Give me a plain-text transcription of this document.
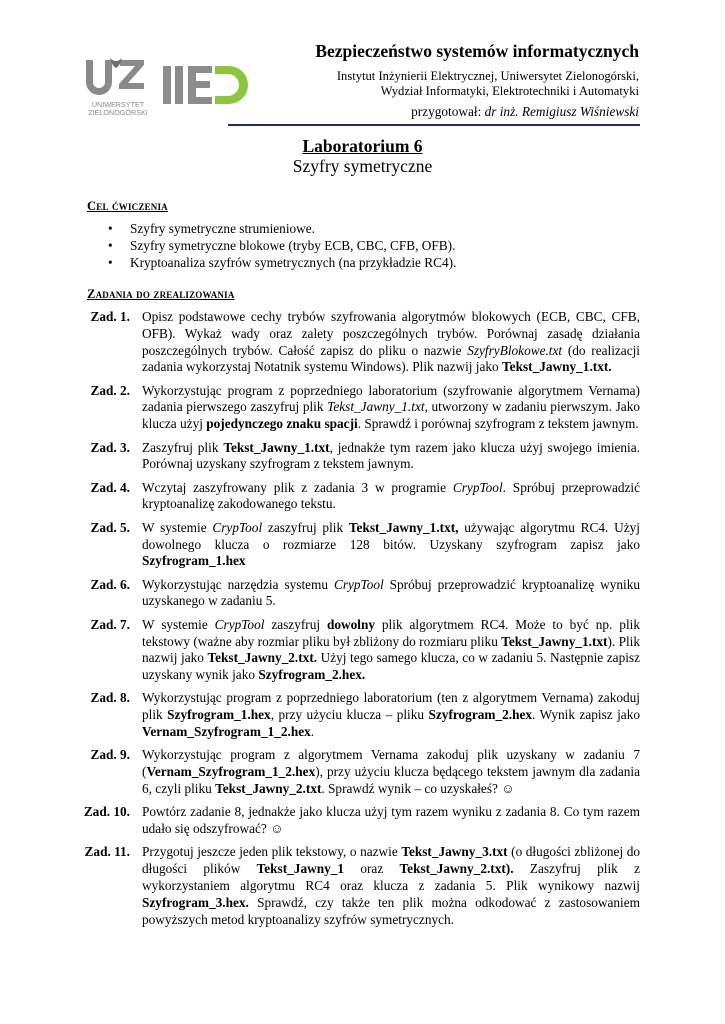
UNIWERSYTET
ZIELONOGÓRSKI
Bezpieczeństwo systemów informatycznych
Instytut Inżynierii Elektrycznej, Uniwersytet Zielonogórski,
Wydział Informatyki, Elektrotechniki i Automatyki
przygotował: dr inż. Remigiusz Wiśniewski
Laboratorium 6
Szyfry symetryczne
Cel ćwiczenia
• Szyfry symetryczne strumieniowe.
• Szyfry symetryczne blokowe (tryby ECB, CBC, CFB, OFB).
• Kryptoanaliza szyfrów symetrycznych (na przykładzie RC4).
Zadania do zrealizowania
Zad. 1. Opisz podstawowe cechy trybów szyfrowania algorytmów blokowych (ECB, CBC, CFB, OFB). Wykaż wady oraz zalety poszczególnych trybów. Porównaj zasadę działania poszczególnych trybów. Całość zapisz do pliku o nazwie SzyfryBlokowe.txt (do realizacji zadania wykorzystaj Notatnik systemu Windows). Plik nazwij jako Tekst_Jawny_1.txt.
Zad. 2. Wykorzystując program z poprzedniego laboratorium (szyfrowanie algorytmem Vernama) zadania pierwszego zaszyfruj plik Tekst_Jawny_1.txt, utworzony w zadaniu pierwszym. Jako klucza użyj pojedynczego znaku spacji. Sprawdź i porównaj szyfrogram z tekstem jawnym.
Zad. 3. Zaszyfruj plik Tekst_Jawny_1.txt, jednakże tym razem jako klucza użyj swojego imienia. Porównaj uzyskany szyfrogram z tekstem jawnym.
Zad. 4. Wczytaj zaszyfrowany plik z zadania 3 w programie CrypTool. Spróbuj przeprowadzić kryptoanalizę zakodowanego tekstu.
Zad. 5. W systemie CrypTool zaszyfruj plik Tekst_Jawny_1.txt, używając algorytmu RC4. Użyj dowolnego klucza o rozmiarze 128 bitów. Uzyskany szyfrogram zapisz jako Szyfrogram_1.hex
Zad. 6. Wykorzystując narzędzia systemu CrypTool Spróbuj przeprowadzić kryptoanalizę wyniku uzyskanego w zadaniu 5.
Zad. 7. W systemie CrypTool zaszyfruj dowolny plik algorytmem RC4. Może to być np. plik tekstowy (ważne aby rozmiar pliku był zbliżony do rozmiaru pliku Tekst_Jawny_1.txt). Plik nazwij jako Tekst_Jawny_2.txt. Użyj tego samego klucza, co w zadaniu 5. Następnie zapisz uzyskany wynik jako Szyfrogram_2.hex.
Zad. 8. Wykorzystując program z poprzedniego laboratorium (ten z algorytmem Vernama) zakoduj plik Szyfrogram_1.hex, przy użyciu klucza – pliku Szyfrogram_2.hex. Wynik zapisz jako Vernam_Szyfrogram_1_2.hex.
Zad. 9. Wykorzystując program z algorytmem Vernama zakoduj plik uzyskany w zadaniu 7 (Vernam_Szyfrogram_1_2.hex), przy użyciu klucza będącego tekstem jawnym dla zadania 6, czyli pliku Tekst_Jawny_2.txt. Sprawdź wynik – co uzyskałeś? ☺
Zad. 10. Powtórz zadanie 8, jednakże jako klucza użyj tym razem wyniku z zadania 8. Co tym razem udało się odszyfrować? ☺
Zad. 11. Przygotuj jeszcze jeden plik tekstowy, o nazwie Tekst_Jawny_3.txt (o długości zbliżonej do długości plików Tekst_Jawny_1 oraz Tekst_Jawny_2.txt). Zaszyfruj plik z wykorzystaniem algorytmu RC4 oraz klucza z zadania 5. Plik wynikowy nazwij Szyfrogram_3.hex. Sprawdź, czy także ten plik można odkodować z zastosowaniem powyższych metod kryptoanalizy szyfrów symetrycznych.
